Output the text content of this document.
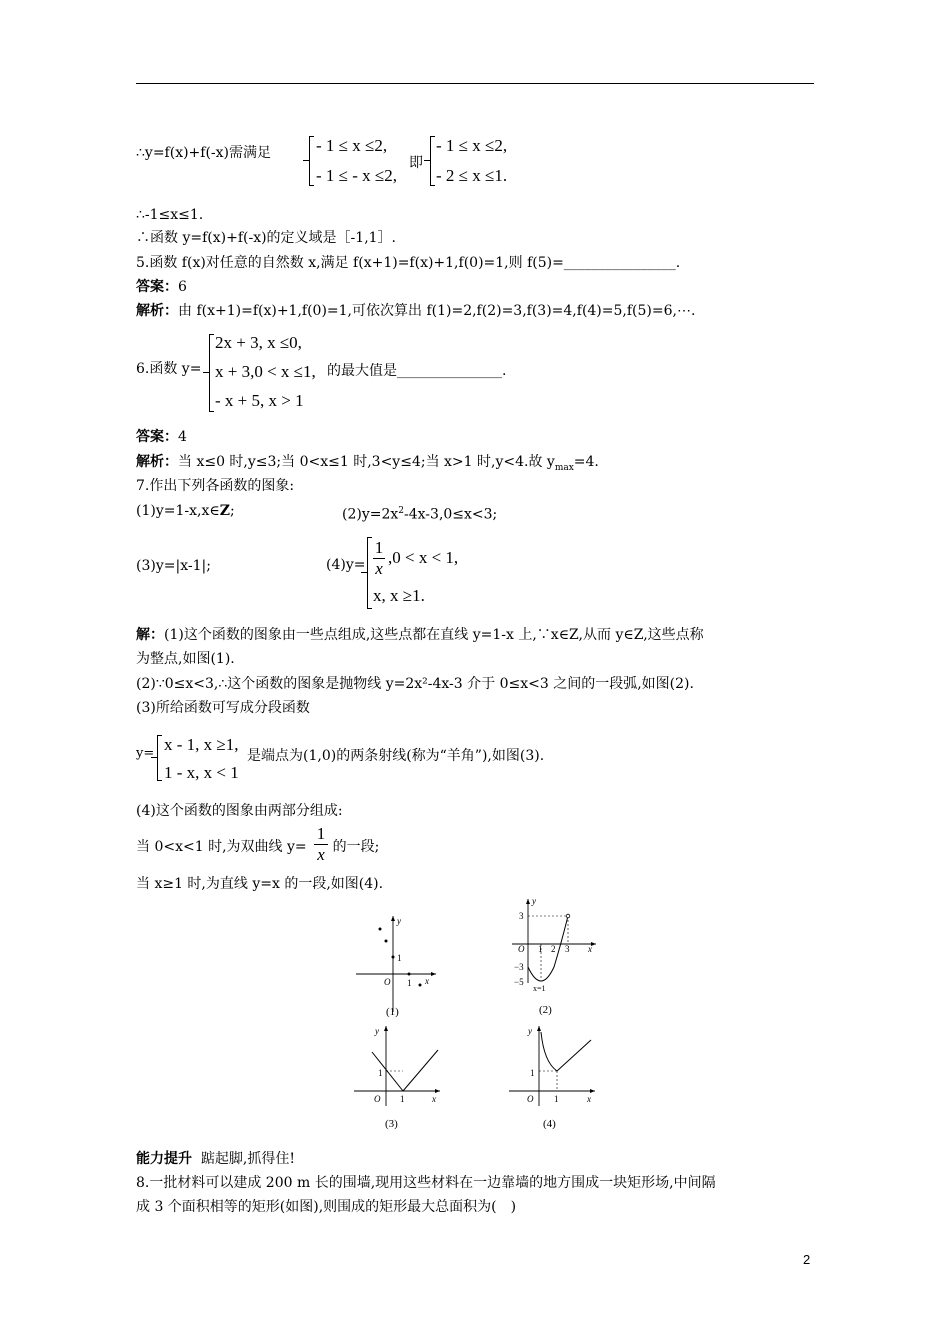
∴y=f(x)+f(-x)需满足	- 1 ≤ x ≤2,
- 1 ≤ - x ≤2,
即
- 1 ≤ x ≤2,
- 2 ≤ x ≤1.
∴-1≤x≤1.
∴函数 y=f(x)+f(-x)的定义域是［-1,1］.
5.函数 f(x)对任意的自然数 x,满足 f(x+1)=f(x)+1,f(0)=1,则 f(5)=________________.
答案：6
解析：由 f(x+1)=f(x)+1,f(0)=1,可依次算出 f(1)=2,f(2)=3,f(3)=4,f(4)=5,f(5)=6,⋯.
6.函数 y=
2x + 3, x ≤0,
x + 3,0 < x ≤1,
- x + 5, x > 1
的最大值是_______________.
答案：4
解析：当 x≤0 时,y≤3;当 0<x≤1 时,3<y≤4;当 x>1 时,y<4.故 $y_{max}=4$.
7.作出下列各函数的图象:
(1)y=1-x,x∈Z;	$(2)y=2x^2-4x-3,0\le x<3$;
(3)y=|x-1|;	(4)y=
1
x
,0 < x < 1,
x, x ≥1.
解：(1)这个函数的图象由一些点组成,这些点都在直线 y=1-x 上,∵x∈Z,从而 y∈Z,这些点称
为整点,如图(1).
(2)∵0≤x<3,∴这个函数的图象是抛物线 y=2x²-4x-3 介于 0≤x<3 之间的一段弧,如图(2).
(3)所给函数可写成分段函数
y= x - 1, x ≥1,
1 - x, x < 1
是端点为(1,0)的两条射线(称为“羊角”),如图(3).
(4)这个函数的图象由两部分组成:
当 0<x<1 时,为双曲线 y= 的一段;
1
x
当 x≥1 时,为直线 y=x 的一段,如图(4).
y
O
1
1 x
(1)
y
3
O 1 2 3 x
−3
−5
x=1
(2)
y
1
O 1	x
(3)
y
1
O 1	x
(4)
能力提升 踮起脚,抓得住!
8.一批材料可以建成 200 m 长的围墙,现用这些材料在一边靠墙的地方围成一块矩形场,中间隔
成 3 个面积相等的矩形(如图),则围成的矩形最大总面积为(　)
2
